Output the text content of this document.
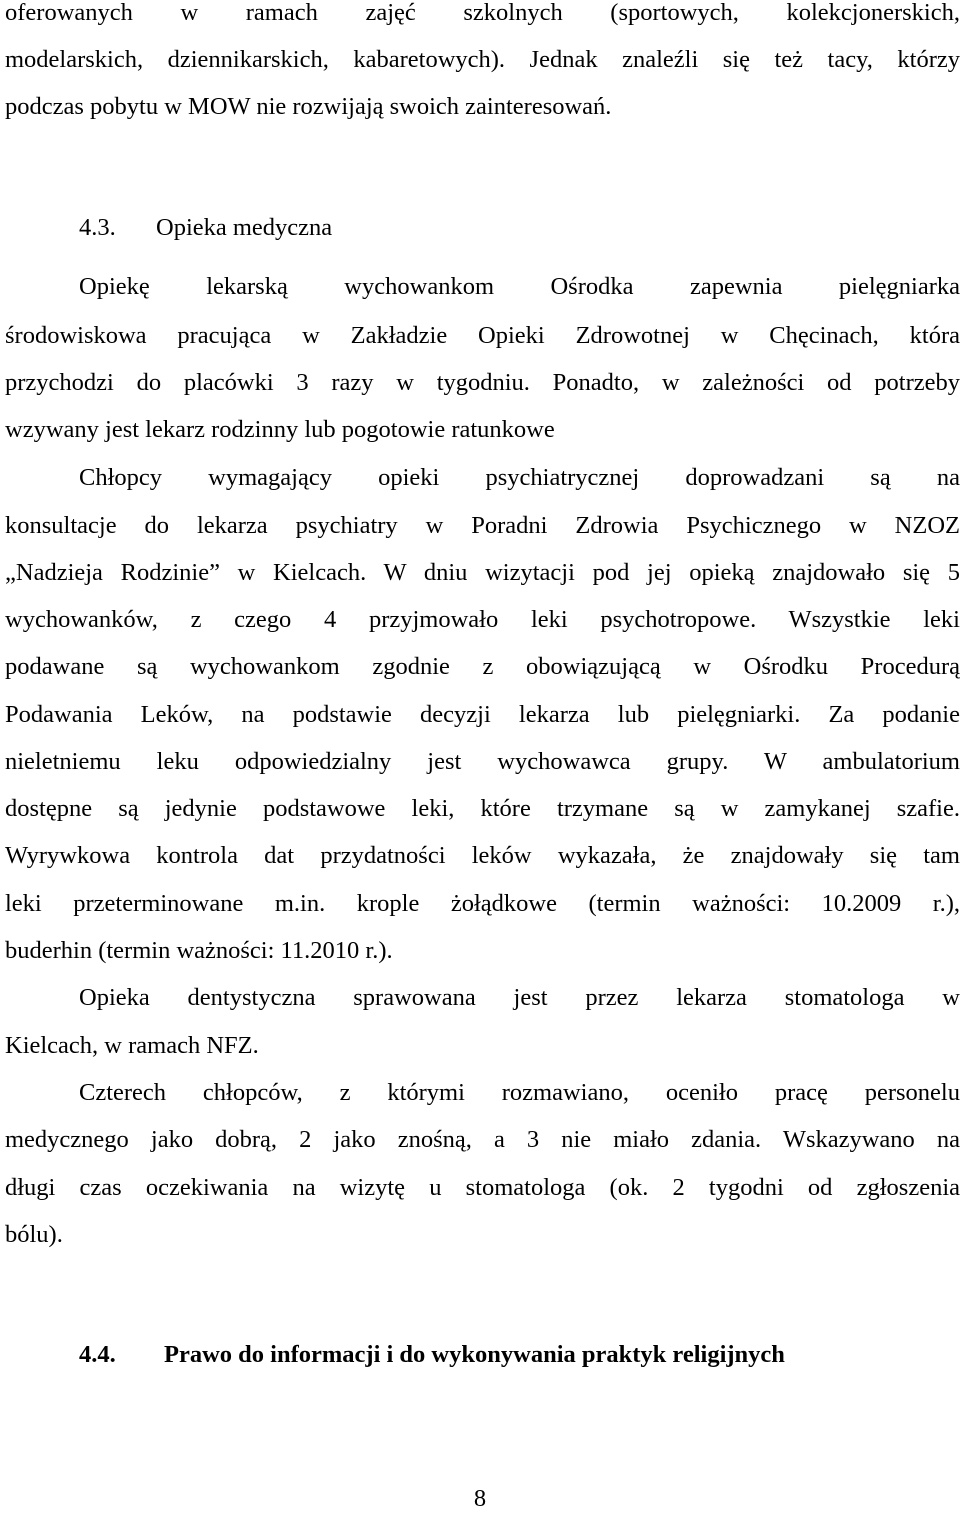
oferowanych w ramach zajęć szkolnych (sportowych, kolekcjonerskich,
modelarskich, dziennikarskich, kabaretowych). Jednak znaleźli się też tacy, którzy
podczas pobytu w MOW nie rozwijają swoich zainteresowań.
4.3. Opieka medyczna
Opiekę lekarską wychowankom Ośrodka zapewnia pielęgniarka
środowiskowa pracująca w Zakładzie Opieki Zdrowotnej w Chęcinach, która
przychodzi do placówki 3 razy w tygodniu. Ponadto, w zależności od potrzeby
wzywany jest lekarz rodzinny lub pogotowie ratunkowe
Chłopcy wymagający opieki psychiatrycznej doprowadzani są na
konsultacje do lekarza psychiatry w Poradni Zdrowia Psychicznego w NZOZ
„Nadzieja Rodzinie” w Kielcach. W dniu wizytacji pod jej opieką znajdowało się 5
wychowanków, z czego 4 przyjmowało leki psychotropowe. Wszystkie leki
podawane są wychowankom zgodnie z obowiązującą w Ośrodku Procedurą
Podawania Leków, na podstawie decyzji lekarza lub pielęgniarki. Za podanie
nieletniemu leku odpowiedzialny jest wychowawca grupy. W ambulatorium
dostępne są jedynie podstawowe leki, które trzymane są w zamykanej szafie.
Wyrywkowa kontrola dat przydatności leków wykazała, że znajdowały się tam
leki przeterminowane m.in. krople żołądkowe (termin ważności: 10.2009 r.),
buderhin (termin ważności: 11.2010 r.).
Opieka dentystyczna sprawowana jest przez lekarza stomatologa w
Kielcach, w ramach NFZ.
Czterech chłopców, z którymi rozmawiano, oceniło pracę personelu
medycznego jako dobrą, 2 jako znośną, a 3 nie miało zdania. Wskazywano na
długi czas oczekiwania na wizytę u stomatologa (ok. 2 tygodni od zgłoszenia
bólu).
4.4. Prawo do informacji i do wykonywania praktyk religijnych
8
